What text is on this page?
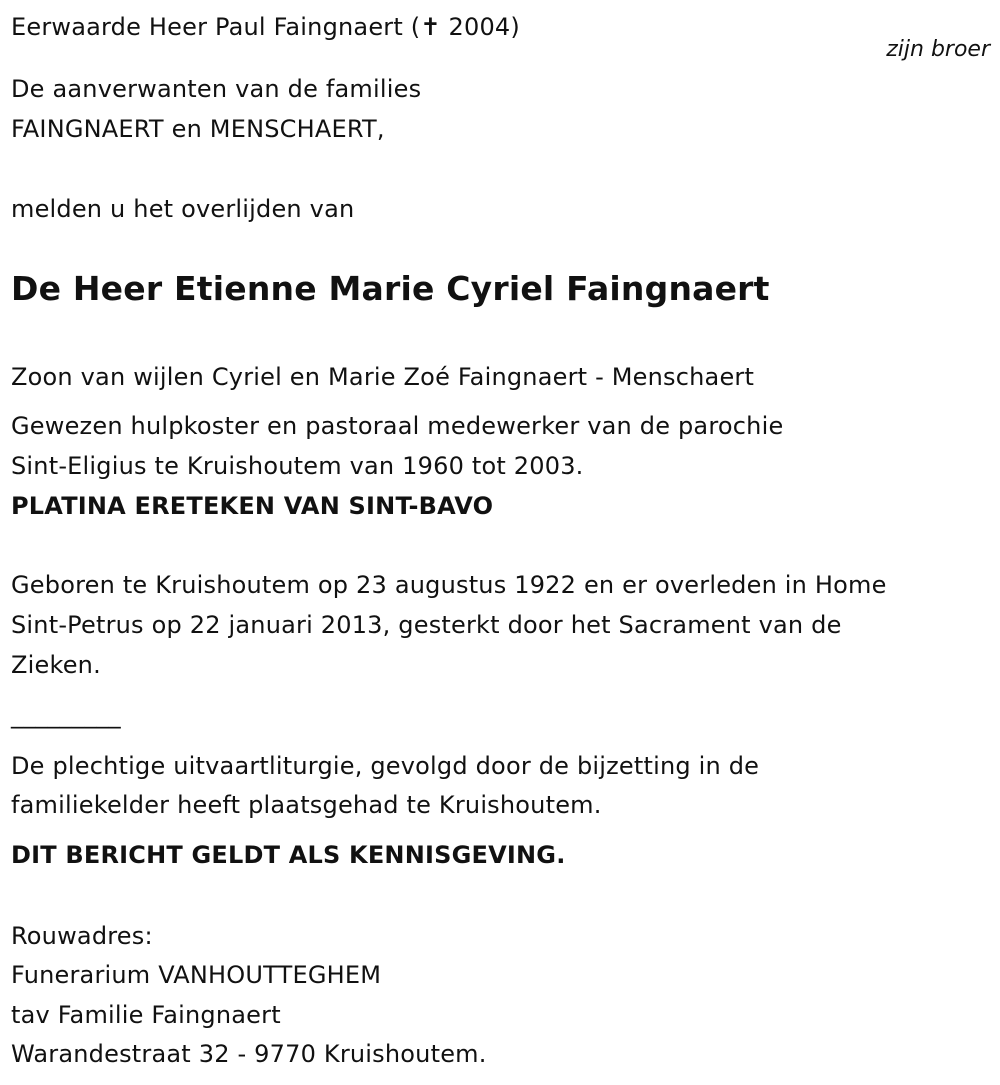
Eerwaarde Heer Paul Faingnaert (✝ 2004)
zijn broer
De aanverwanten van de families
FAINGNAERT en MENSCHAERT,
melden u het overlijden van
De Heer Etienne Marie Cyriel Faingnaert
Zoon van wijlen Cyriel en Marie Zoé Faingnaert - Menschaert
Gewezen hulpkoster en pastoraal medewerker van de parochie
Sint-Eligius te Kruishoutem van 1960 tot 2003.
PLATINA ERETEKEN VAN SINT-BAVO
Geboren te Kruishoutem op 23 augustus 1922 en er overleden in Home
Sint-Petrus op 22 januari 2013, gesterkt door het Sacrament van de
Zieken.
_________
De plechtige uitvaartliturgie, gevolgd door de bijzetting in de
familiekelder heeft plaatsgehad te Kruishoutem.
DIT BERICHT GELDT ALS KENNISGEVING.
Rouwadres:
Funerarium VANHOUTTEGHEM
tav Familie Faingnaert
Warandestraat 32 - 9770 Kruishoutem.
